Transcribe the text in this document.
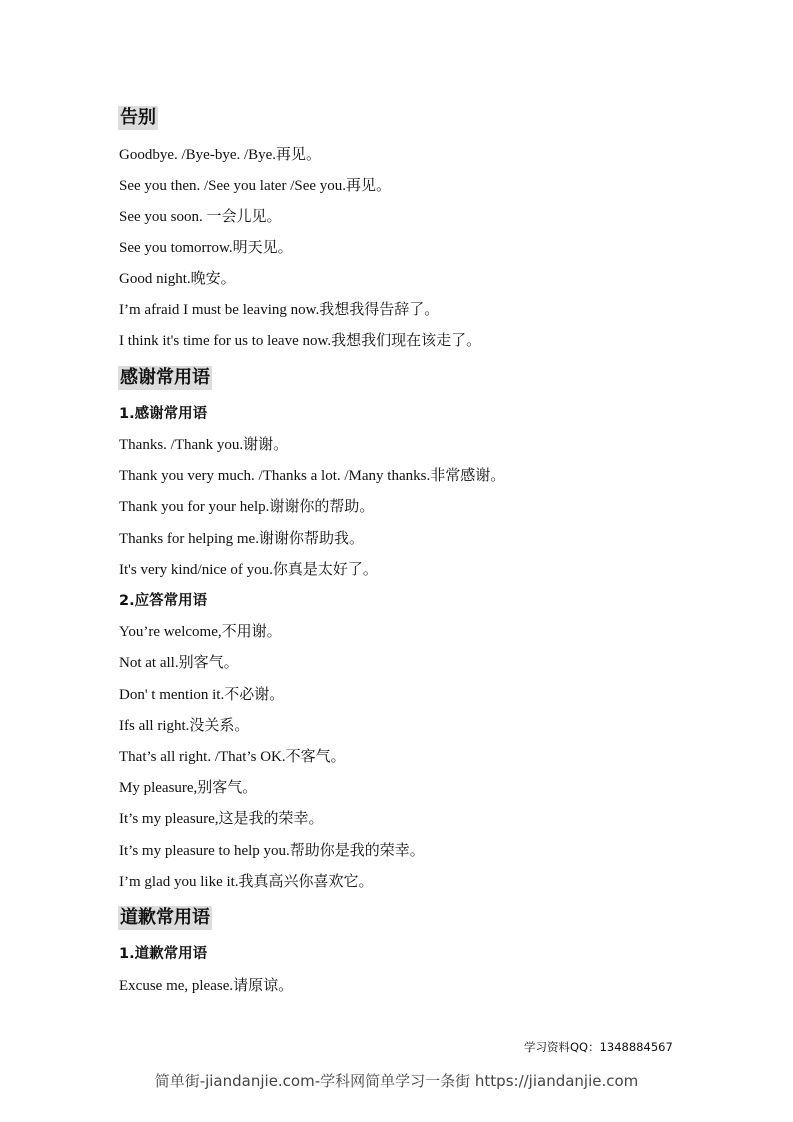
告别
Goodbye. /Bye-bye. /Bye.再见。
See you then. /See you later /See you.再见。
See you soon. 一会儿见。
See you tomorrow.明天见。
Good night.晚安。
I’m afraid I must be leaving now.我想我得告辞了。
I think it's time for us to leave now.我想我们现在该走了。
感谢常用语
1.感谢常用语
Thanks. /Thank you.谢谢。
Thank you very much. /Thanks a lot. /Many thanks.非常感谢。
Thank you for your help.谢谢你的帮助。
Thanks for helping me.谢谢你帮助我。
It's very kind/nice of you.你真是太好了。
2.应答常用语
You’re welcome,不用谢。
Not at all.别客气。
Don' t mention it.不必谢。
Ifs all right.没关系。
That’s all right. /That’s OK.不客气。
My pleasure,别客气。
It’s my pleasure,这是我的荣幸。
It’s my pleasure to help you.帮助你是我的荣幸。
I’m glad you like it.我真高兴你喜欢它。
道歉常用语
1.道歉常用语
Excuse me, please.请原谅。
学习资料QQ：1348884567
简单街-jiandanjie.com-学科网简单学习一条街 https://jiandanjie.com
